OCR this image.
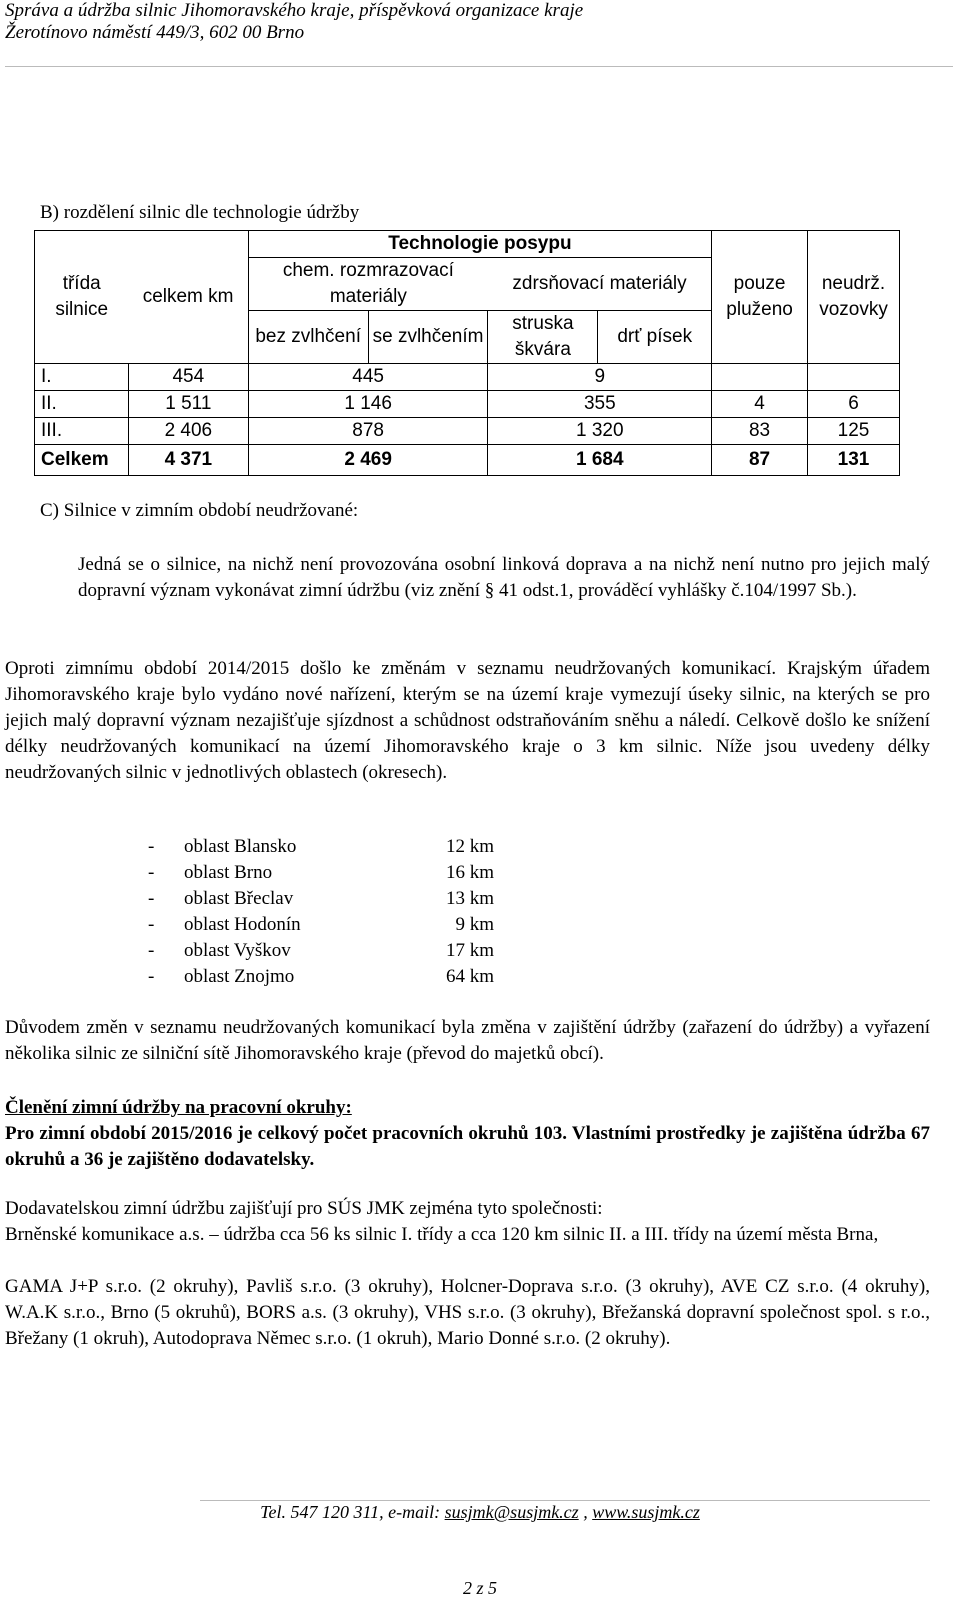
Správa a údržba silnic Jihomoravského kraje, příspěvková organizace kraje
Žerotínovo náměstí 449/3, 602 00 Brno
B) rozdělení silnic dle technologie údržby
třída silnice	celkem km	Technologie posypu				pouze pluženo	neudrž. vozovky
		chem. rozmrazovací materiály		zdrsňovací materiály			
		bez zvlhčení	se zvlhčením	struska škvára	drť písek		
I.	454	445		9			
II.	1 511	1 146		355		4	6
III.	2 406	878		1 320		83	125
Celkem	4 371	2 469		1 684		87	131
C) Silnice v zimním období neudržované:
Jedná se o silnice, na nichž není provozována osobní linková doprava a na nichž není nutno pro jejich malý dopravní význam vykonávat zimní údržbu (viz znění § 41 odst.1, prováděcí vyhlášky č.104/1997 Sb.).
Oproti zimnímu období 2014/2015 došlo ke změnám v seznamu neudržovaných komunikací. Krajským úřadem Jihomoravského kraje bylo vydáno nové nařízení, kterým se na území kraje vymezují úseky silnic, na kterých se pro jejich malý dopravní význam nezajišťuje sjízdnost a schůdnost odstraňováním sněhu a náledí. Celkově došlo ke snížení délky neudržovaných komunikací na území Jihomoravského kraje o 3 km silnic. Níže jsou uvedeny délky neudržovaných silnic v jednotlivých oblastech (okresech).
-	oblast Blansko	12 km
-	oblast Brno	16 km
-	oblast Břeclav	13 km
-	oblast Hodonín	9 km
-	oblast Vyškov	17 km
-	oblast Znojmo	64 km
Důvodem změn v seznamu neudržovaných komunikací byla změna v zajištění údržby (zařazení do údržby) a vyřazení několika silnic ze silniční sítě Jihomoravského kraje (převod do majetků obcí).
Členění zimní údržby na pracovní okruhy:
Pro zimní období 2015/2016 je celkový počet pracovních okruhů 103. Vlastními prostředky je zajištěna údržba 67 okruhů a 36 je zajištěno dodavatelsky.
Dodavatelskou zimní údržbu zajišťují pro SÚS JMK zejména tyto společnosti:
Brněnské komunikace a.s. – údržba cca 56 ks silnic I. třídy a cca 120 km silnic II. a III. třídy na území města Brna,
GAMA J+P s.r.o. (2 okruhy), Pavliš s.r.o. (3 okruhy), Holcner-Doprava s.r.o. (3 okruhy), AVE CZ s.r.o. (4 okruhy), W.A.K s.r.o., Brno (5 okruhů), BORS a.s. (3 okruhy), VHS s.r.o. (3 okruhy), Břežanská dopravní společnost spol. s r.o., Břežany (1 okruh), Autodoprava Němec s.r.o. (1 okruh), Mario Donné s.r.o. (2 okruhy).
Tel. 547 120 311, e-mail: susjmk@susjmk.cz , www.susjmk.cz
2 z 5
